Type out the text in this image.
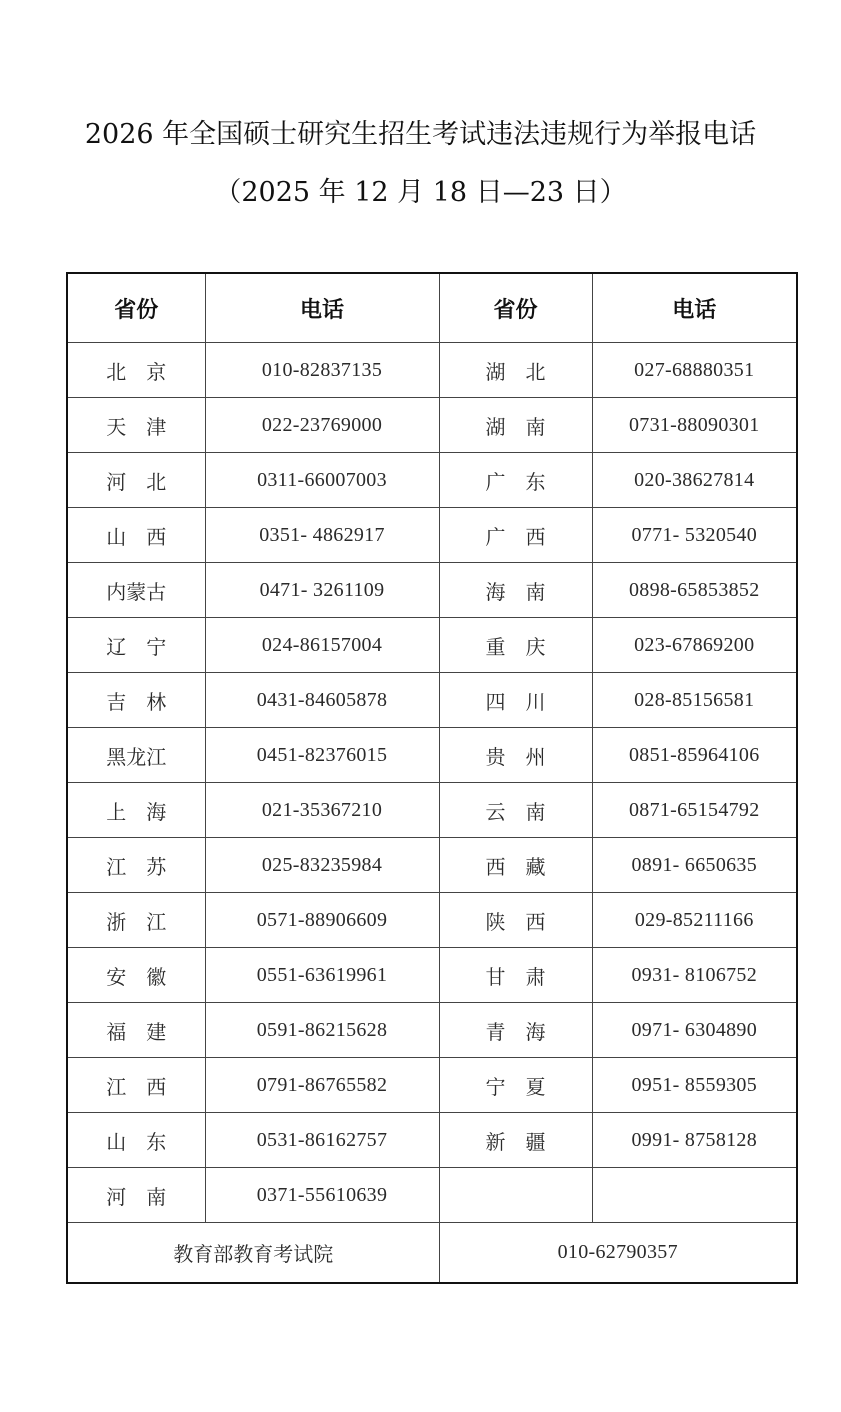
2026 年全国硕士研究生招生考试违法违规行为举报电话
（2025 年 12 月 18 日—23 日）
省份	电话	省份	电话
北　京	010-82837135	湖　北	027-68880351
天　津	022-23769000	湖　南	0731-88090301
河　北	0311-66007003	广　东	020-38627814
山　西	0351- 4862917	广　西	0771- 5320540
内蒙古	0471- 3261109	海　南	0898-65853852
辽　宁	024-86157004	重　庆	023-67869200
吉　林	0431-84605878	四　川	028-85156581
黑龙江	0451-82376015	贵　州	0851-85964106
上　海	021-35367210	云　南	0871-65154792
江　苏	025-83235984	西　藏	0891- 6650635
浙　江	0571-88906609	陕　西	029-85211166
安　徽	0551-63619961	甘　肃	0931- 8106752
福　建	0591-86215628	青　海	0971- 6304890
江　西	0791-86765582	宁　夏	0951- 8559305
山　东	0531-86162757	新　疆	0991- 8758128
河　南	0371-55610639		
教育部教育考试院		010-62790357	
